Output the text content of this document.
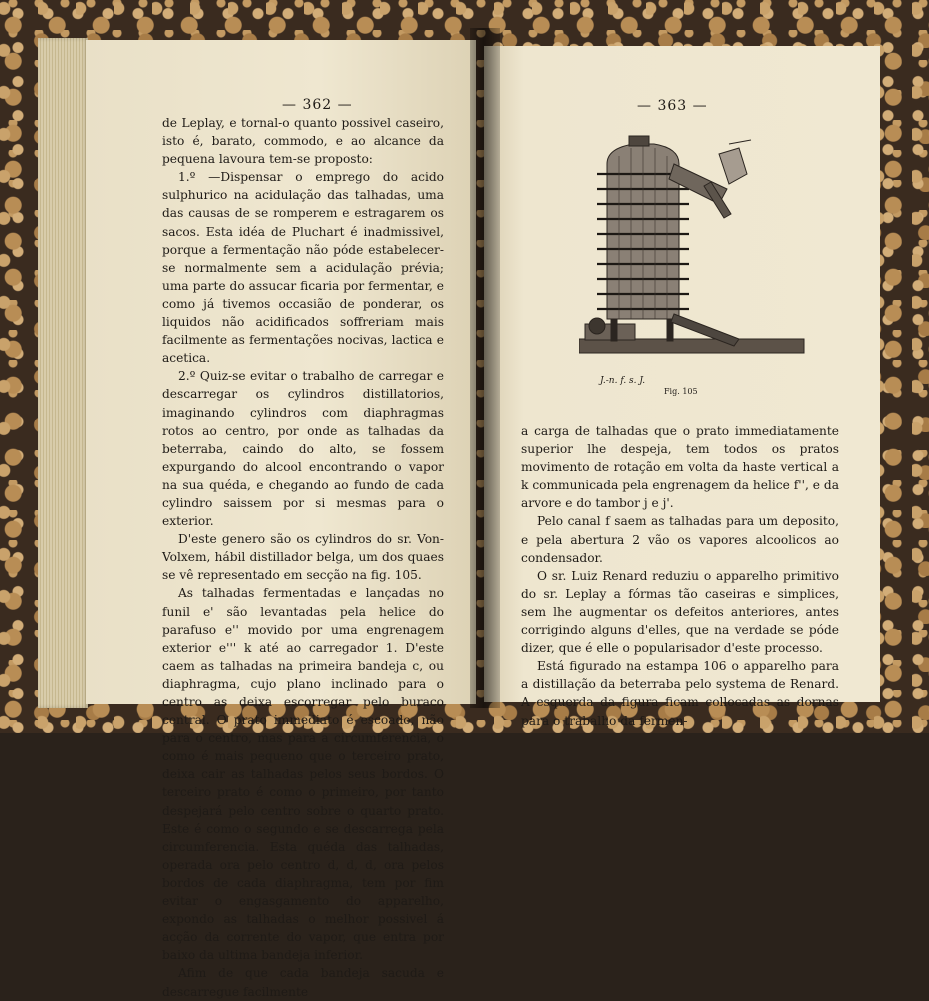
— 362 —

de Leplay, e tornal-o quanto possivel caseiro, isto é, barato, commodo, e ao alcance da pequena lavoura tem-se proposto:

1.º —Dispensar o emprego do acido sulphurico na acidulação das talhadas, uma das causas de se romperem e estragarem os sacos. Esta idéa de Pluchart é inadmissivel, porque a fermentação não póde estabelecer-se normalmente sem a acidulação prévia; uma parte do assucar ficaria por fermentar, e como já tivemos occasião de ponderar, os liquidos não acidificados soffreriam mais facilmente as fermentações nocivas, lactica e acetica.

2.º Quiz-se evitar o trabalho de carregar e descarregar os cylindros distillatorios, imaginando cylindros com diaphragmas rotos ao centro, por onde as talhadas da beterraba, caindo do alto, se fossem expurgando do alcool encontrando o vapor na sua quéda, e chegando ao fundo de cada cylindro saissem por si mesmas para o exterior.

D'este genero são os cylindros do sr. Von-Volxem, hábil distillador belga, um dos quaes se vê representado em secção na fig. 105.

As talhadas fermentadas e lançadas no funil e' são levantadas pela helice do parafuso e'' movido por uma engrenagem exterior e''' k até ao carregador 1. D'este caem as talhadas na primeira bandeja c, ou diaphragma, cujo plano inclinado para o centro as deixa escorregar pelo buraco central. O prato immediato é escoado, não para o centro, mas para a circumferencia, o como é mais pequeno que o terceiro prato, deixa cair as talhadas pelos seus bordos. O terceiro prato é como o primeiro, por tanto despejará pelo centro sobre o quarto prato. Este é como o segundo e se descarrega pela circumferencia. Esta quéda das talhadas, operada ora pelo centro d, d, d, ora pelos bordos de cada diaphragma, tem por fim evitar o engasgamento do apparelho, expondo as talhadas o melhor possivel á acção da corrente do vapor, que entra por baixo da ultima bandeja inferior.

Afim de que cada bandeja sacuda e descarregue facilmente

— 363 —
J.-n. f. s. J.
Fig. 105

a carga de talhadas que o prato immediatamente superior lhe despeja, tem todos os pratos movimento de rotação em volta da haste vertical a k communicada pela engrenagem da helice f'', e da arvore e do tambor j e j'.

Pelo canal f saem as talhadas para um deposito, e pela abertura 2 vão os vapores alcoolicos ao condensador.

O sr. Luiz Renard reduziu o apparelho primitivo do sr. Leplay a fórmas tão caseiras e simplices, sem lhe augmentar os defeitos anteriores, antes corrigindo alguns d'elles, que na verdade se póde dizer, que é elle o popularisador d'este processo.

Está figurado na estampa 106 o apparelho para a distillação da beterraba pelo systema de Renard. A esquerda da figura ficam collocadas as dornas para o trabalho da fermen-
